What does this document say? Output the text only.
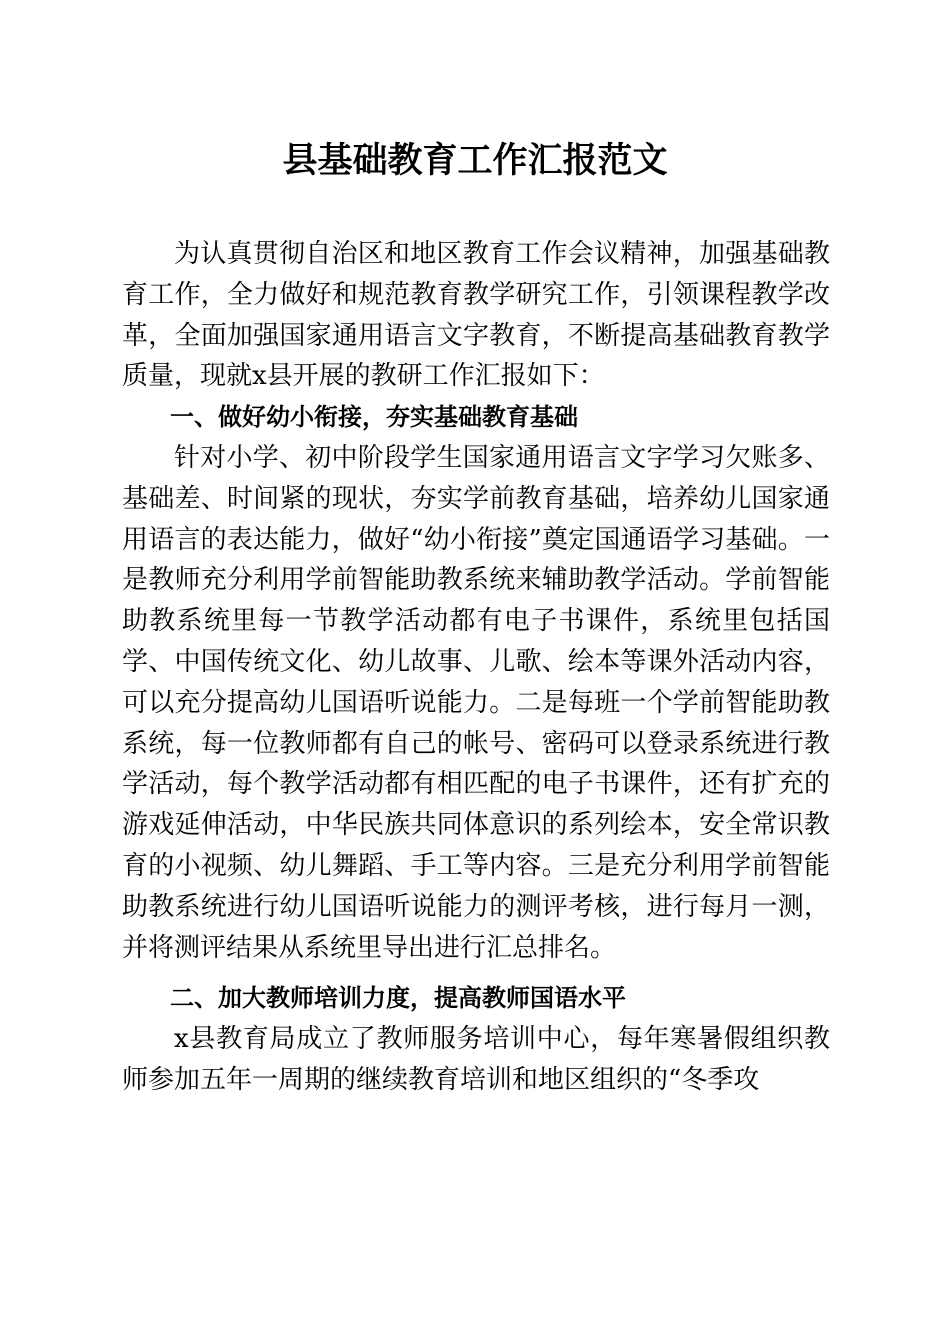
县基础教育工作汇报范文

为认真贯彻自治区和地区教育工作会议精神，加强基础教育工作，全力做好和规范教育教学研究工作，引领课程教学改革，全面加强国家通用语言文字教育，不断提高基础教育教学质量，现就x县开展的教研工作汇报如下：

一、做好幼小衔接，夯实基础教育基础

针对小学、初中阶段学生国家通用语言文字学习欠账多、基础差、时间紧的现状，夯实学前教育基础，培养幼儿国家通用语言的表达能力，做好“幼小衔接”奠定国通语学习基础。一是教师充分利用学前智能助教系统来辅助教学活动。学前智能助教系统里每一节教学活动都有电子书课件，系统里包括国学、中国传统文化、幼儿故事、儿歌、绘本等课外活动内容，可以充分提高幼儿国语听说能力。二是每班一个学前智能助教系统，每一位教师都有自己的帐号、密码可以登录系统进行教学活动，每个教学活动都有相匹配的电子书课件，还有扩充的游戏延伸活动，中华民族共同体意识的系列绘本，安全常识教育的小视频、幼儿舞蹈、手工等内容。三是充分利用学前智能助教系统进行幼儿国语听说能力的测评考核，进行每月一测，并将测评结果从系统里导出进行汇总排名。

二、加大教师培训力度，提高教师国语水平

x县教育局成立了教师服务培训中心，每年寒暑假组织教师参加五年一周期的继续教育培训和地区组织的“冬季攻
